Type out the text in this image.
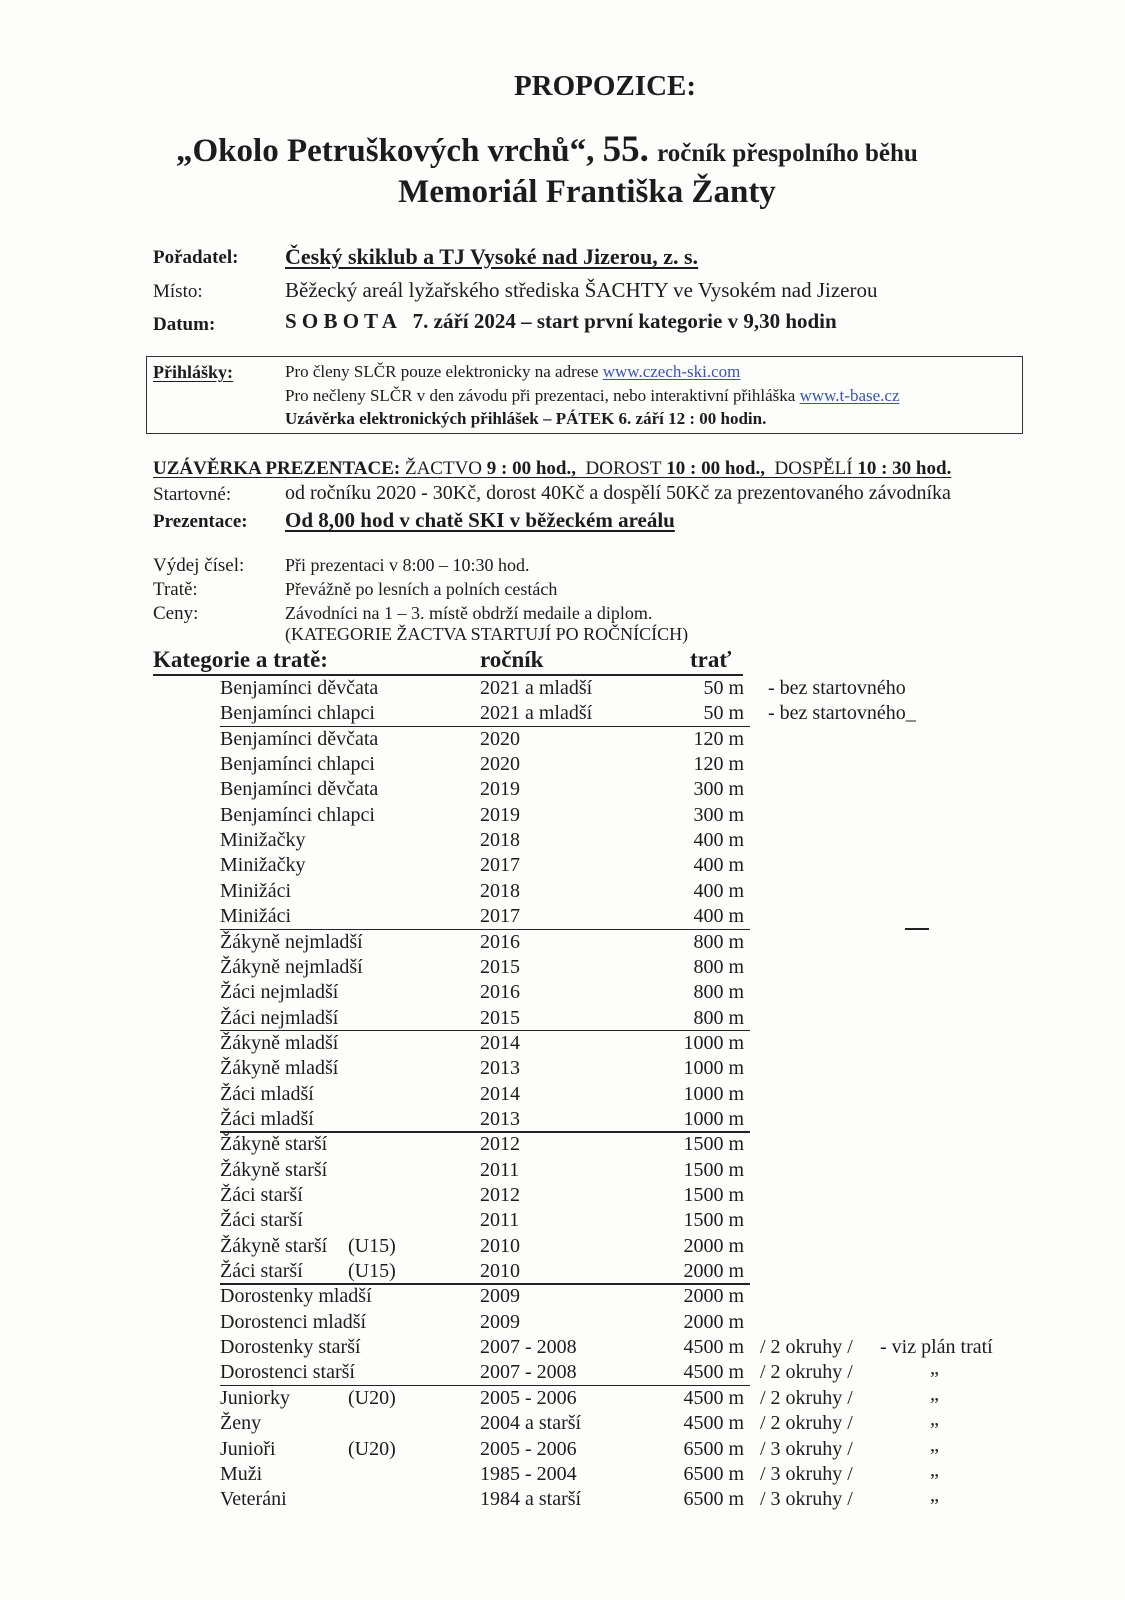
PROPOZICE:
„Okolo Petruškových vrchů“, 55. ročník přespolního běhu
Memoriál Františka Žanty
Pořadatel: Český skiklub a TJ Vysoké nad Jizerou, z. s.
Místo:	Běžecký areál lyžařského střediska ŠACHTY ve Vysokém nad Jizerou
Datum:	S O B O T A 7. září 2024 – start první kategorie v 9,30 hodin
Přihlášky:	Pro členy SLČR pouze elektronicky na adrese www.czech-ski.com
Pro nečleny SLČR v den závodu při prezentaci, nebo interaktivní přihláška www.t-base.cz
Uzávěrka elektronických přihlášek – PÁTEK 6. září 12 : 00 hodin.
UZÁVĚRKA PREZENTACE: ŽACTVO 9 : 00 hod., DOROST 10 : 00 hod., DOSPĚLÍ 10 : 30 hod.
Startovné:	od ročníku 2020 - 30Kč, dorost 40Kč a dospělí 50Kč za prezentovaného závodníka
Prezentace: Od 8,00 hod v chatě SKI v běžeckém areálu
Výdej čísel: Při prezentaci v 8:00 – 10:30 hod.
Tratě:	Převážně po lesních a polních cestách
Ceny:	Závodníci na 1 – 3. místě obdrží medaile a diplom.
(KATEGORIE ŽACTVA STARTUJÍ PO ROČNÍCÍCH)
Kategorie a tratě:	ročník	trať
Benjamínci děvčata	2021 a mladší	50 m - bez startovného
Benjamínci chlapci	2021 a mladší	50 m - bez startovného_
Benjamínci děvčata	2020	120 m
Benjamínci chlapci	2020	120 m
Benjamínci děvčata	2019	300 m
Benjamínci chlapci	2019	300 m
Minižačky	2018	400 m
Minižačky	2017	400 m
Minižáci	2018	400 m
Minižáci	2017	400 m
Žákyně nejmladší	2016	800 m
Žákyně nejmladší	2015	800 m
Žáci nejmladší	2016	800 m
Žáci nejmladší	2015	800 m
Žákyně mladší	2014	1000 m
Žákyně mladší	2013	1000 m
Žáci mladší	2014	1000 m
Žáci mladší	2013	1000 m
Žákyně starší	2012	1500 m
Žákyně starší	2011	1500 m
Žáci starší	2012	1500 m
Žáci starší	2011	1500 m
Žákyně starší (U15)	2010	2000 m
Žáci starší (U15)	2010	2000 m
Dorostenky mladší	2009	2000 m
Dorostenci mladší	2009	2000 m
Dorostenky starší	2007 - 2008	4500 m / 2 okruhy / - viz plán tratí
Dorostenci starší	2007 - 2008	4500 m / 2 okruhy /	„
Juniorky	(U20)	2005 - 2006	4500 m / 2 okruhy /	„
Ženy	2004 a starší	4500 m / 2 okruhy /	„
Junioři	(U20)	2005 - 2006	6500 m / 3 okruhy /	„
Muži	1985 - 2004	6500 m / 3 okruhy /	„
Veteráni	1984 a starší	6500 m / 3 okruhy /	„
